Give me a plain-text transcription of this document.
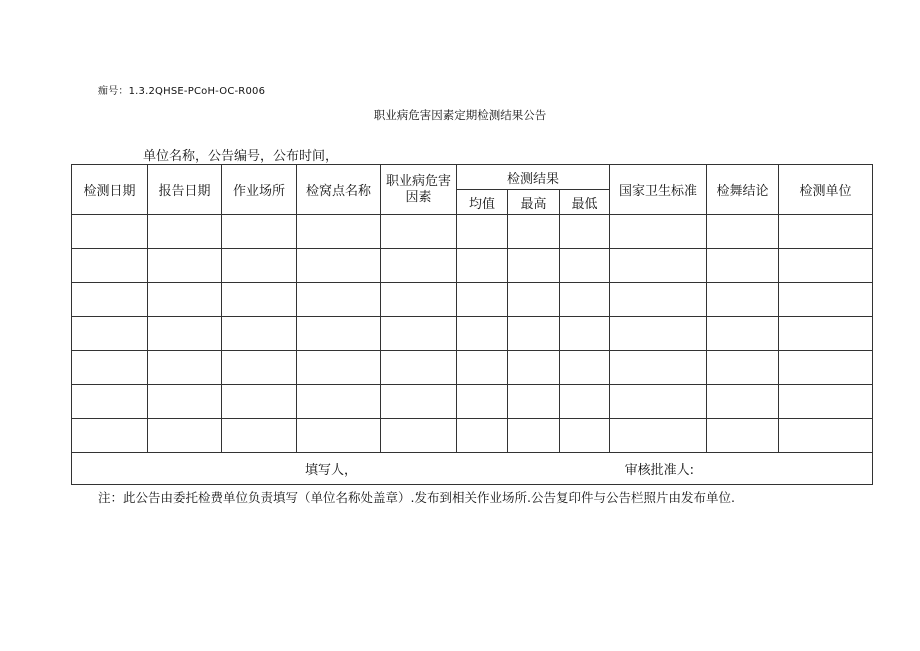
痂号：1.3.2QHSE-PCoH-OC-R006
职业病危害因素定期检测结果公告
单位名称，公告编号，公布时间，
检测日期	报告日期	作业场所	检窝点名称	职业病危害因素	检测结果			国家卫生标准	检舞结论	检测单位
					均值	最高	最低			

填写人， 审核批准人:										
注：此公告由委托检费单位负责填写（单位名称处盖章）.发布到相关作业场所.公告复印件与公告栏照片由发布单位.
